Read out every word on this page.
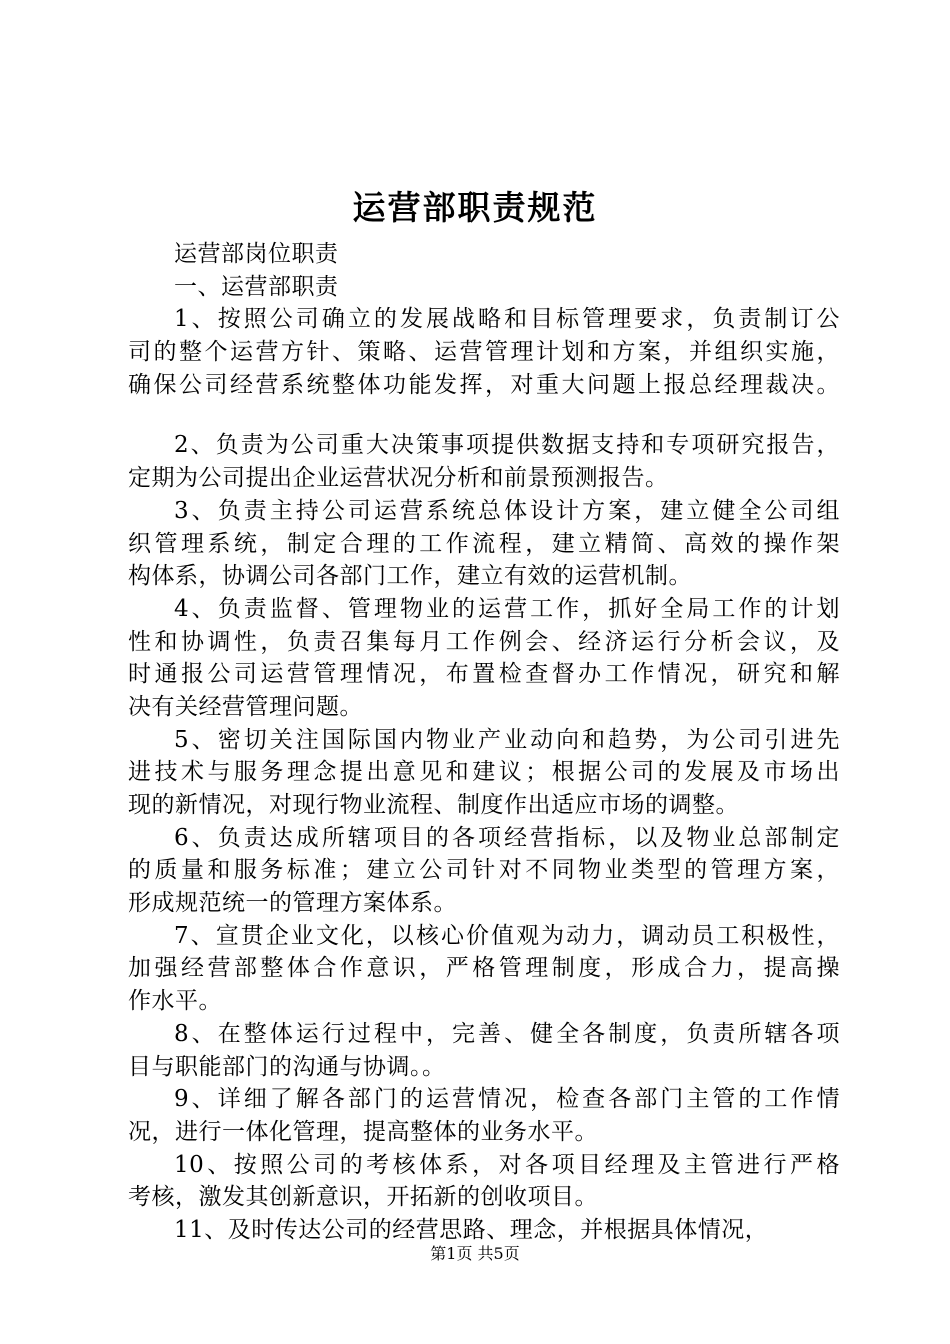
运营部职责规范
运营部岗位职责
一、运营部职责
1、按照公司确立的发展战略和目标管理要求，负责制订公
司的整个运营方针、策略、运营管理计划和方案，并组织实施，
确保公司经营系统整体功能发挥，对重大问题上报总经理裁决。
2、负责为公司重大决策事项提供数据支持和专项研究报告，
定期为公司提出企业运营状况分析和前景预测报告。
3、负责主持公司运营系统总体设计方案，建立健全公司组
织管理系统，制定合理的工作流程，建立精简、高效的操作架
构体系，协调公司各部门工作，建立有效的运营机制。
4、负责监督、管理物业的运营工作，抓好全局工作的计划
性和协调性，负责召集每月工作例会、经济运行分析会议，及
时通报公司运营管理情况，布置检查督办工作情况，研究和解
决有关经营管理问题。
5、密切关注国际国内物业产业动向和趋势，为公司引进先
进技术与服务理念提出意见和建议；根据公司的发展及市场出
现的新情况，对现行物业流程、制度作出适应市场的调整。
6、负责达成所辖项目的各项经营指标，以及物业总部制定
的质量和服务标准；建立公司针对不同物业类型的管理方案，
形成规范统一的管理方案体系。
7、宣贯企业文化，以核心价值观为动力，调动员工积极性，
加强经营部整体合作意识，严格管理制度，形成合力，提高操
作水平。
8、在整体运行过程中，完善、健全各制度，负责所辖各项
目与职能部门的沟通与协调。。
9、详细了解各部门的运营情况，检查各部门主管的工作情
况，进行一体化管理，提高整体的业务水平。
10、按照公司的考核体系，对各项目经理及主管进行严格
考核，激发其创新意识，开拓新的创收项目。
11、及时传达公司的经营思路、理念，并根据具体情况，
第1页 共5页
